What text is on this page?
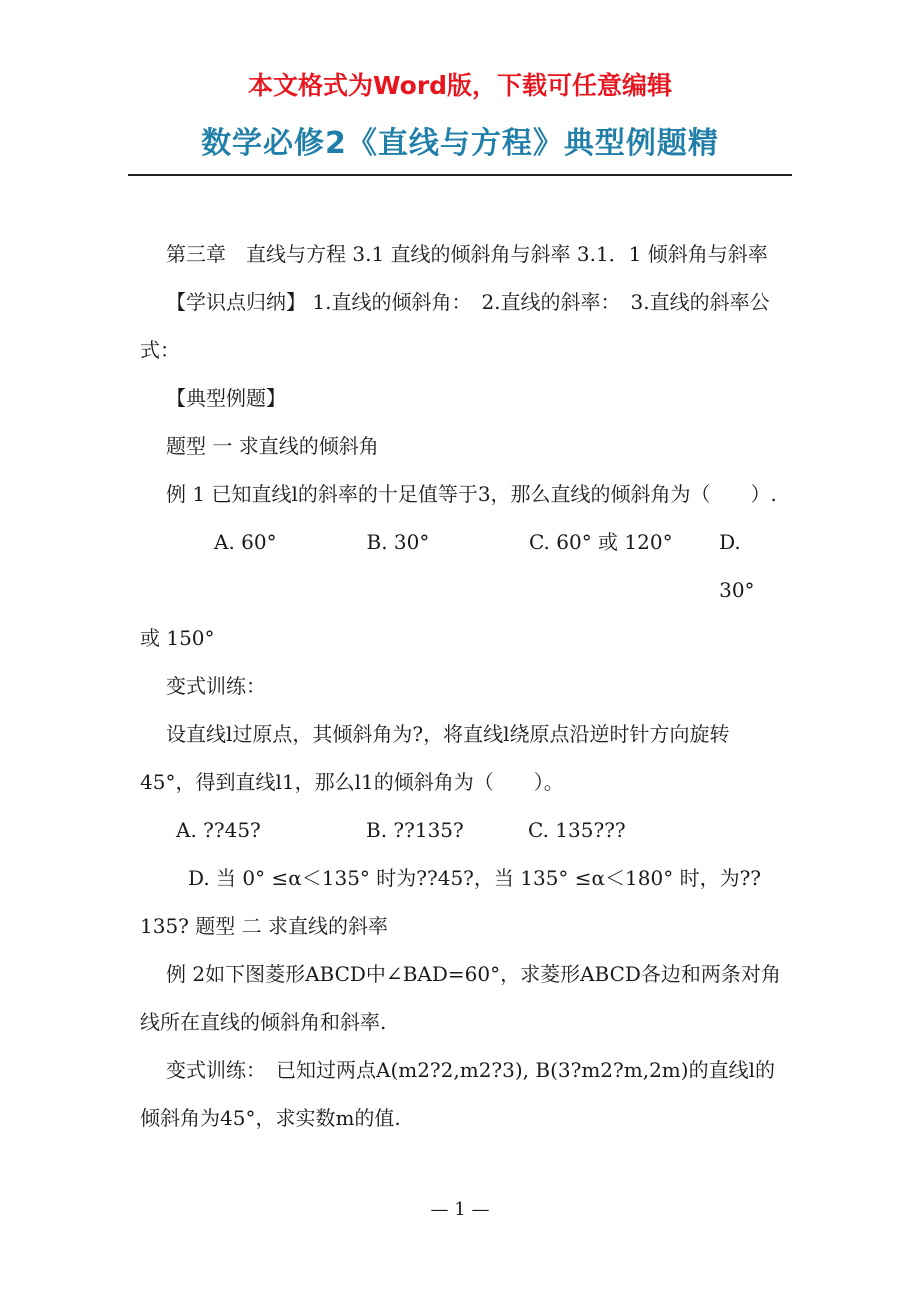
本文格式为Word版，下载可任意编辑
数学必修2《直线与方程》典型例题精

第三章　直线与方程 3.1 直线的倾斜角与斜率 3.1．1 倾斜角与斜率

【学识点归纳】 1.直线的倾斜角：　2.直线的斜率：　3.直线的斜率公式：

【典型例题】

题型 一 求直线的倾斜角

例 1 已知直线l的斜率的十足值等于3，那么直线的倾斜角为（　　）.

A. 60°	B. 30°	C. 60° 或 120°	D. 30°

或 150°

变式训练：

设直线l过原点，其倾斜角为?，将直线l绕原点沿逆时针方向旋转45°，得到直线l1，那么l1的倾斜角为（　　）。

A. ??45?	B. ??135?	C. 135???

D. 当 0° ≤α＜135° 时为??45?，当 135° ≤α＜180° 时，为??135? 题型 二 求直线的斜率

例 2如下图菱形ABCD中∠BAD=60°，求菱形ABCD各边和两条对角线所在直线的倾斜角和斜率.

变式训练：　已知过两点A(m2?2,m2?3), B(3?m2?m,2m)的直线l的倾斜角为45°，求实数m的值.

— 1 —
